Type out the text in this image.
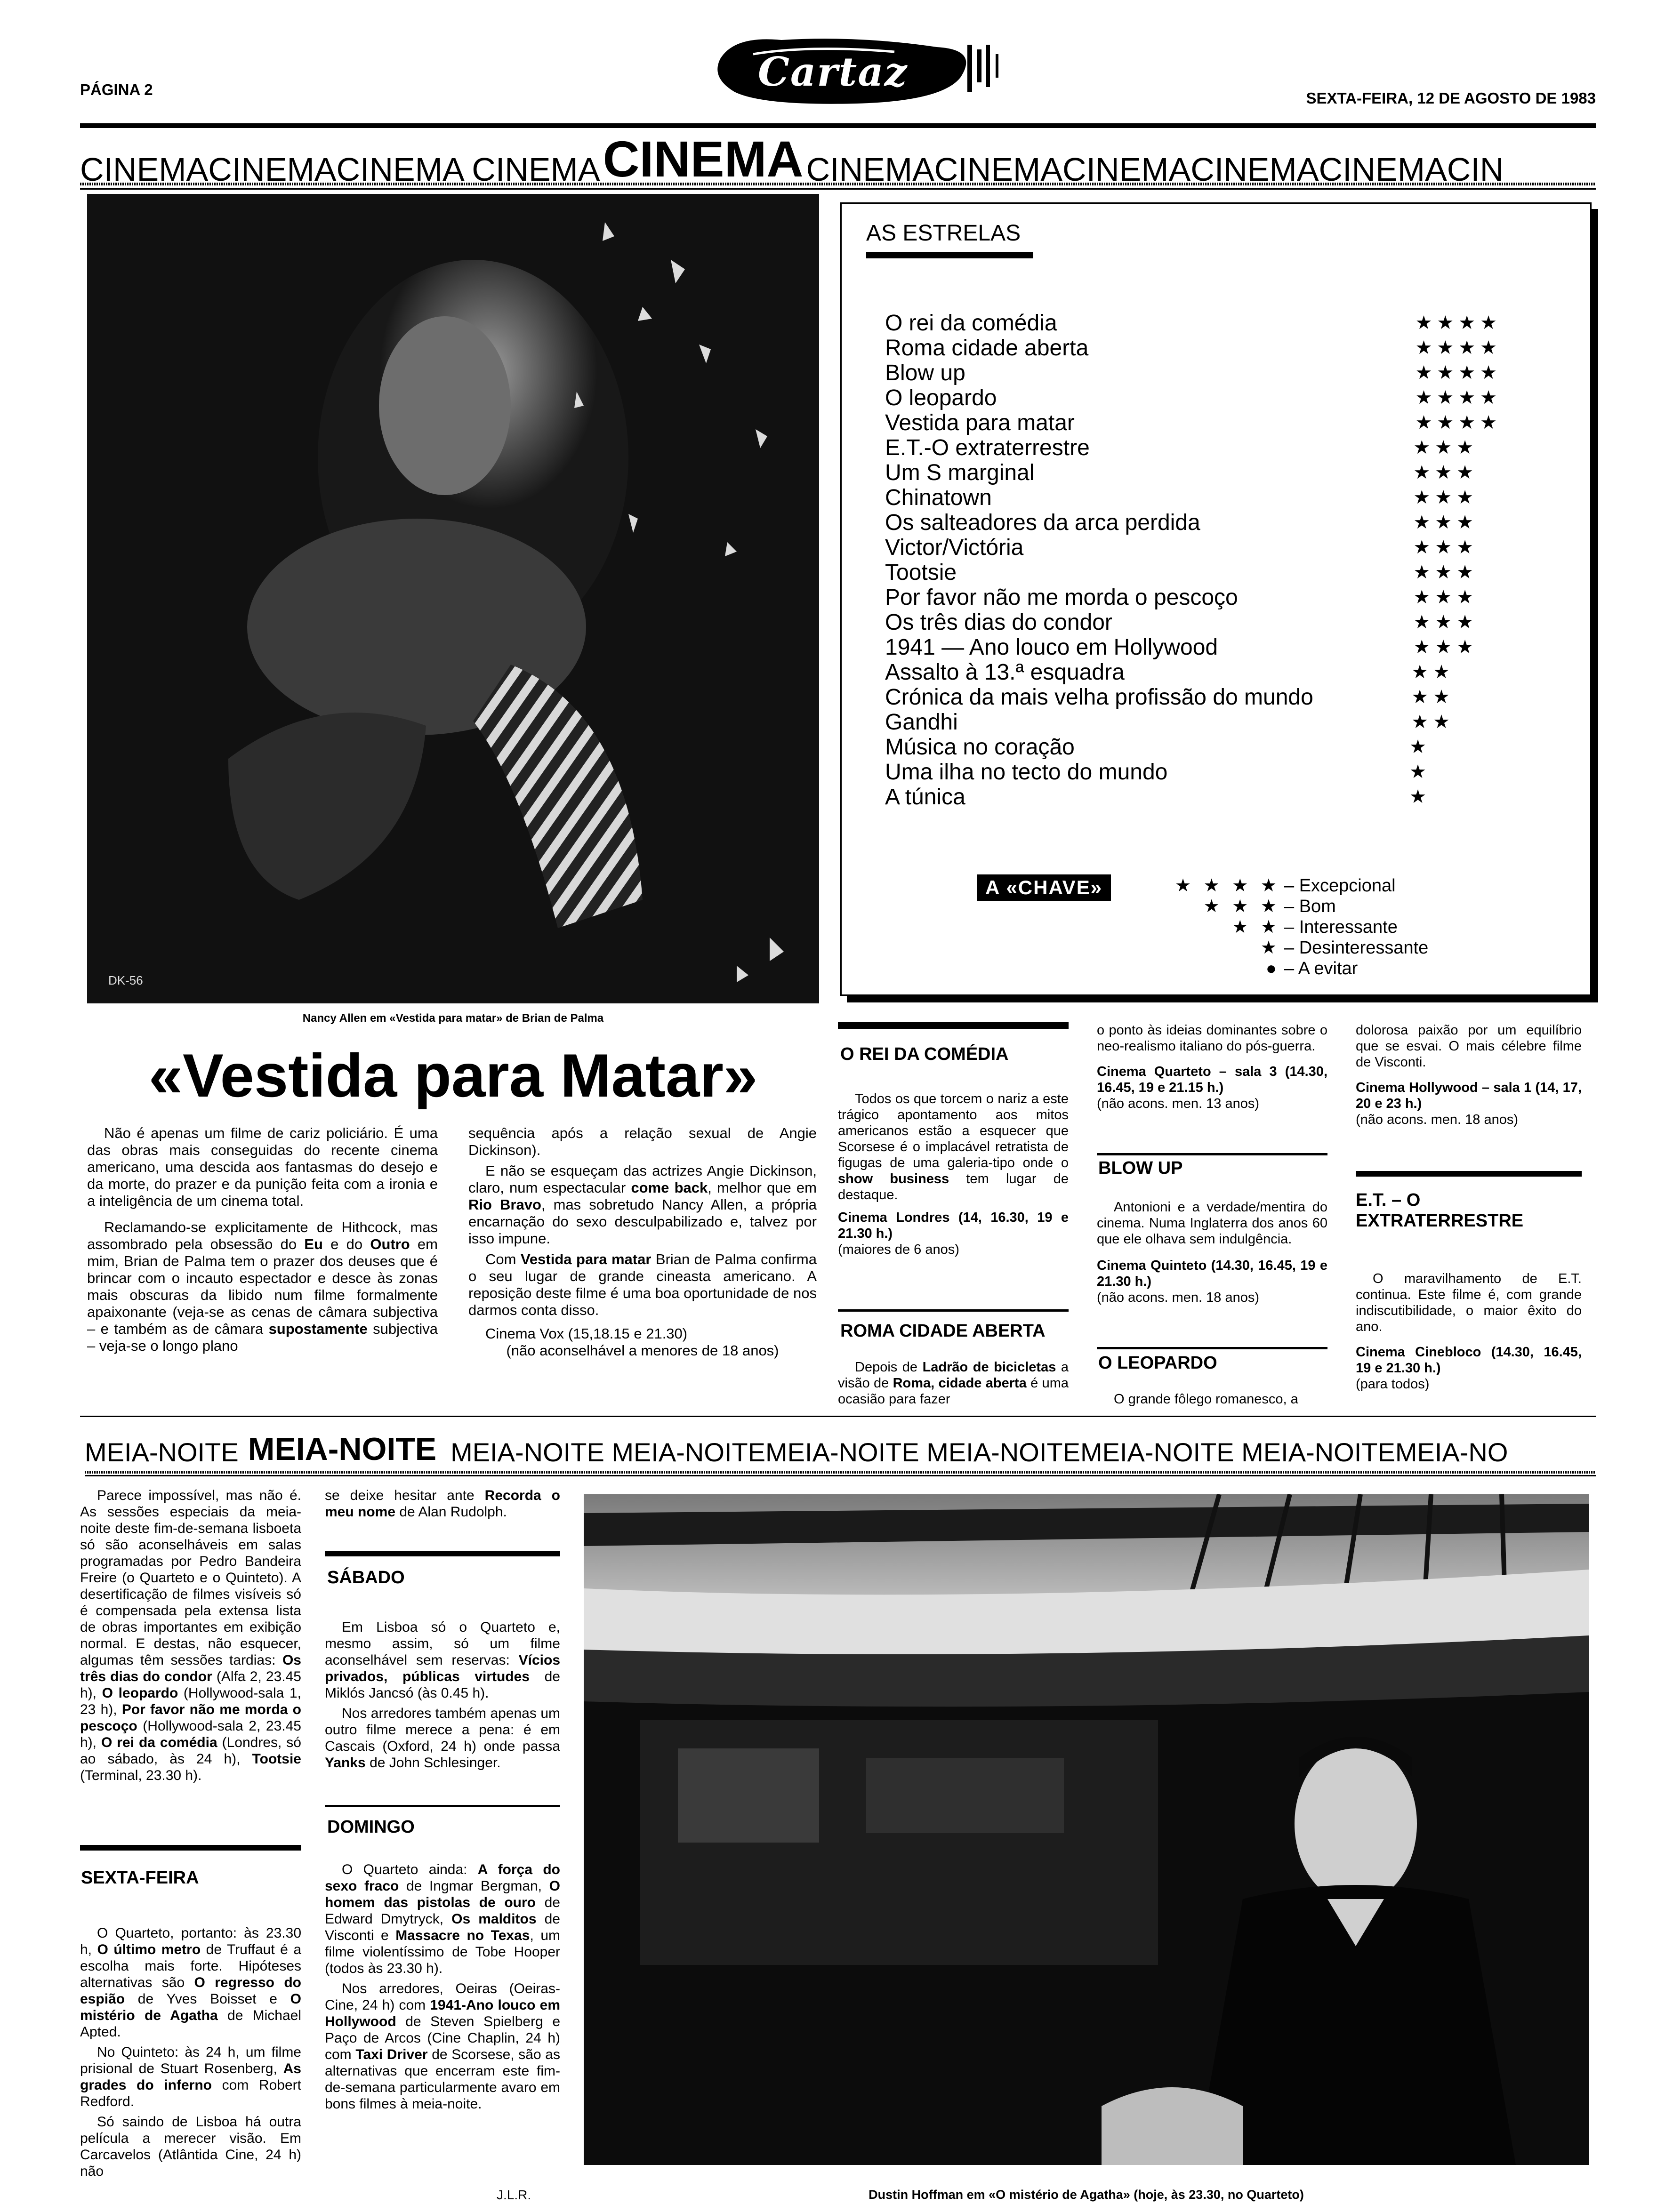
PÁGINA 2	Cartaz
SEXTA-FEIRA, 12 DE AGOSTO DE 1983
CINEMACINEMACINEMA CINEMACINEMACINEMACINEMACINEMACINEMACINEMACIN
DK-56
Nancy Allen em «Vestida para matar» de Brian de Palma
«Vestida para Matar»

Não é apenas um filme de cariz policiário. É uma das obras mais conseguidas do recente cinema americano, uma descida aos fantasmas do desejo e da morte, do prazer e da punição feita com a ironia e a inteligência de um cinema total.

Reclamando-se explicitamente de Hithcock, mas assombrado pela obsessão do Eu e do Outro em mim, Brian de Palma tem o prazer dos deuses que é brincar com o incauto espectador e desce às zonas mais obscuras da libido num filme formalmente apaixonante (veja-se as cenas de câmara subjectiva – e também as de câmara supostamente subjectiva – veja-se o longo plano

sequência após a relação sexual de Angie Dickinson).

E não se esqueçam das actrizes Angie Dickinson, claro, num espectacular come back, melhor que em Rio Bravo, mas sobretudo Nancy Allen, a própria encarnação do sexo desculpabilizado e, talvez por isso impune.

Com Vestida para matar Brian de Palma confirma o seu lugar de grande cineasta americano. A reposição deste filme é uma boa oportunidade de nos darmos conta disso.

Cinema Vox (15,18.15 e 21.30)

(não aconselhável a menores de 18 anos)

AS ESTRELAS
O rei da comédia	★★★★
Roma cidade aberta	★★★★
Blow up	★★★★
O leopardo	★★★★
Vestida para matar	★★★★
E.T.-O extraterrestre	★★★
Um S marginal	★★★
Chinatown	★★★
Os salteadores da arca perdida	★★★
Victor/Victória	★★★
Tootsie	★★★
Por favor não me morda o pescoço	★★★
Os três dias do condor	★★★
1941 — Ano louco em Hollywood	★★★
Assalto à 13.ª esquadra	★★
Crónica da mais velha profissão do mundo	★★
Gandhi	★★
Música no coração	★
Uma ilha no tecto do mundo	★
A túnica	★
A «CHAVE»	★ ★ ★ ★ – Excepcional
★ ★ ★ – Bom
★ ★ – Interessante
★ – Desinteressante
● – A evitar
O REI DA COMÉDIA

Todos os que torcem o nariz a este trágico apontamento aos mitos americanos estão a esquecer que Scorsese é o implacável retratista de figugas de uma galeria-tipo onde o show business tem lugar de destaque.

Cinema Londres (14, 16.30, 19 e 21.30 h.)

(maiores de 6 anos)

ROMA CIDADE ABERTA

Depois de Ladrão de bicicletas a visão de Roma, cidade aberta é uma ocasião para fazer

o ponto às ideias dominantes sobre o neo-realismo italiano do pós-guerra.

Cinema Quarteto – sala 3 (14.30, 16.45, 19 e 21.15 h.)

(não acons. men. 13 anos)

BLOW UP

Antonioni e a verdade/mentira do cinema. Numa Inglaterra dos anos 60 que ele olhava sem indulgência.

Cinema Quinteto (14.30, 16.45, 19 e 21.30 h.)

(não acons. men. 18 anos)

O LEOPARDO

O grande fôlego romanesco, a

dolorosa paixão por um equilíbrio que se esvai. O mais célebre filme de Visconti.

Cinema Hollywood – sala 1 (14, 17, 20 e 23 h.)

(não acons. men. 18 anos)

E.T. – O EXTRATERRESTRE

O maravilhamento de E.T. continua. Este filme é, com grande indiscutibilidade, o maior êxito do ano.

Cinema Cinebloco (14.30, 16.45, 19 e 21.30 h.)

(para todos)

MEIA-NOITE MEIA-NOITE MEIA-NOITE MEIA-NOITEMEIA-NOITE MEIA-NOITEMEIA-NOITE MEIA-NOITEMEIA-NO

Parece impossível, mas não é. As sessões especiais da meia-noite deste fim-de-semana lisboeta só são aconselháveis em salas programadas por Pedro Bandeira Freire (o Quarteto e o Quinteto). A desertificação de filmes visíveis só é compensada pela extensa lista de obras importantes em exibição normal. E destas, não esquecer, algumas têm sessões tardias: Os três dias do condor (Alfa 2, 23.45 h), O leopardo (Hollywood-sala 1, 23 h), Por favor não me morda o pescoço (Hollywood-sala 2, 23.45 h), O rei da comédia (Londres, só ao sábado, às 24 h), Tootsie (Terminal, 23.30 h).

SEXTA-FEIRA

O Quarteto, portanto: às 23.30 h, O último metro de Truffaut é a escolha mais forte. Hipóteses alternativas são O regresso do espião de Yves Boisset e O mistério de Agatha de Michael Apted.

No Quinteto: às 24 h, um filme prisional de Stuart Rosenberg, As grades do inferno com Robert Redford.

Só saindo de Lisboa há outra película a merecer visão. Em Carcavelos (Atlântida Cine, 24 h) não

se deixe hesitar ante Recorda o meu nome de Alan Rudolph.

SÁBADO

Em Lisboa só o Quarteto e, mesmo assim, só um filme aconselhável sem reservas: Vícios privados, públicas virtudes de Miklós Jancsó (às 0.45 h).

Nos arredores também apenas um outro filme merece a pena: é em Cascais (Oxford, 24 h) onde passa Yanks de John Schlesinger.

DOMINGO

O Quarteto ainda: A força do sexo fraco de Ingmar Bergman, O homem das pistolas de ouro de Edward Dmytryck, Os malditos de Visconti e Massacre no Texas, um filme violentíssimo de Tobe Hooper (todos às 23.30 h).

Nos arredores, Oeiras (Oeiras-Cine, 24 h) com 1941-Ano louco em Hollywood de Steven Spielberg e Paço de Arcos (Cine Chaplin, 24 h) com Taxi Driver de Scorsese, são as alternativas que encerram este fim-de-semana particularmente avaro em bons filmes à meia-noite.

J.L.R.	Dustin Hoffman em «O mistério de Agatha» (hoje, às 23.30, no Quarteto)
